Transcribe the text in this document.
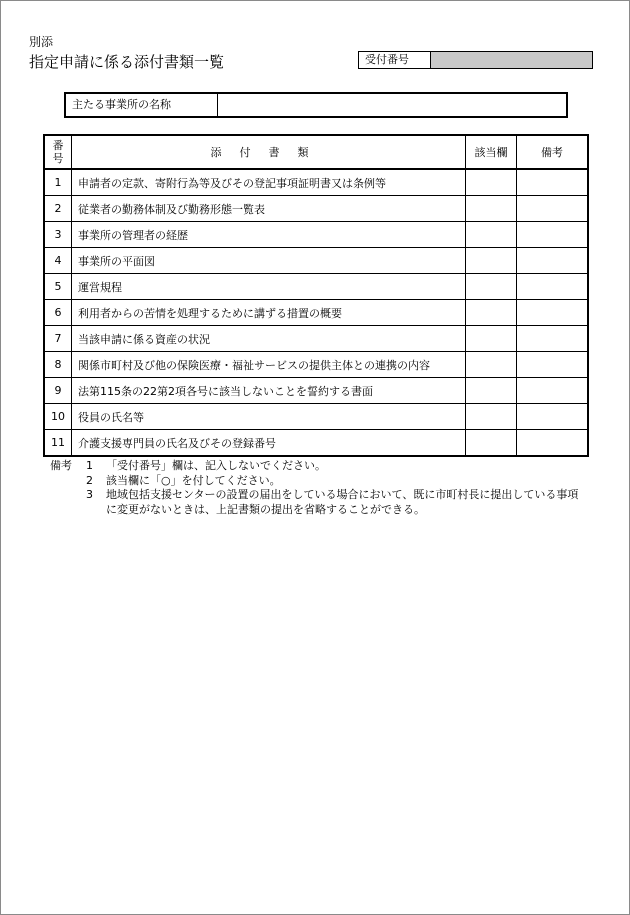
別添
指定申請に係る添付書類一覧	受付番号
主たる事業所の名称
番
号	添付書類	該当欄	備考
1	申請者の定款、寄附行為等及びその登記事項証明書又は条例等		
2	従業者の勤務体制及び勤務形態一覧表		
3	事業所の管理者の経歴		
4	事業所の平面図		
5	運営規程		
6	利用者からの苦情を処理するために講ずる措置の概要		
7	当該申請に係る資産の状況		
8	関係市町村及び他の保険医療・福祉サービスの提供主体との連携の内容		
9	法第115条の22第2項各号に該当しないことを誓約する書面		
10	役員の氏名等		
11	介護支援専門員の氏名及びその登録番号		
備考	1	「受付番号」欄は、記入しないでください。
2	該当欄に「○」を付してください。
3	地域包括支援センターの設置の届出をしている場合において、既に市町村長に提出している事項に変更がないときは、上記書類の提出を省略することができる。
